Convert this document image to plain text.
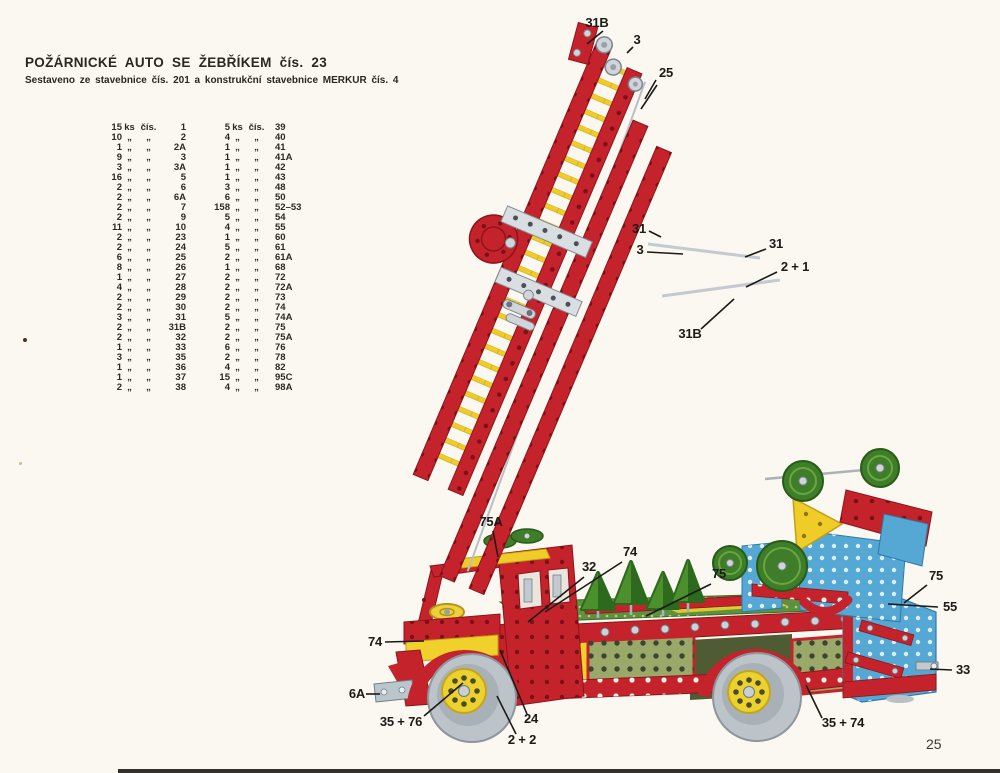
POŽÁRNICKÉ AUTO SE ŽEBŘÍKEM čís. 23
Sestaveno ze stavebnice čís. 201 a konstrukční stavebnice MERKUR čís. 4
15 ks čís.	1
10 „	„	2
1 „	„	2A
9 „	„	3
3 „	„	3A
16 „	„	5
2 „	„	6
2 „	„	6A
2 „	„	7
2 „	„	9
11 „	„	10
2 „	„	23
2 „	„	24
6 „	„	25
8 „	„	26
1 „	„	27
4 „	„	28
2 „	„	29
2 „	„	30
3 „	„	31
2 „	„	31B
2 „	„	32
1 „	„	33
3 „	„	35
1 „	„	36
1 „	„	37
2 „	„	38
5 ks čís.	39
4 „	„	40
1 „	„	41
1 „	„	41A
1 „	„	42
1 „	„	43
3 „	„	48
6 „	„	50
158 „	„	52–53
5 „	„	54
4 „	„	55
1 „	„	60
5 „	„	61
2 „	„	61A
1 „	„	68
2 „	„	72
2 „	„	72A
2 „	„	73
2 „	„	74
5 „	„	74A
2 „	„	75
2 „	„	75A
6 „	„	76
2 „	„	78
4 „	„	82
15 „	„	95C
4 „	„	98A
31B
3
25
31
3	31
2 + 1
31B
75A
32
74
75	75
55
33
74
6A
35 + 76	24
2 + 2
35 + 74
25
